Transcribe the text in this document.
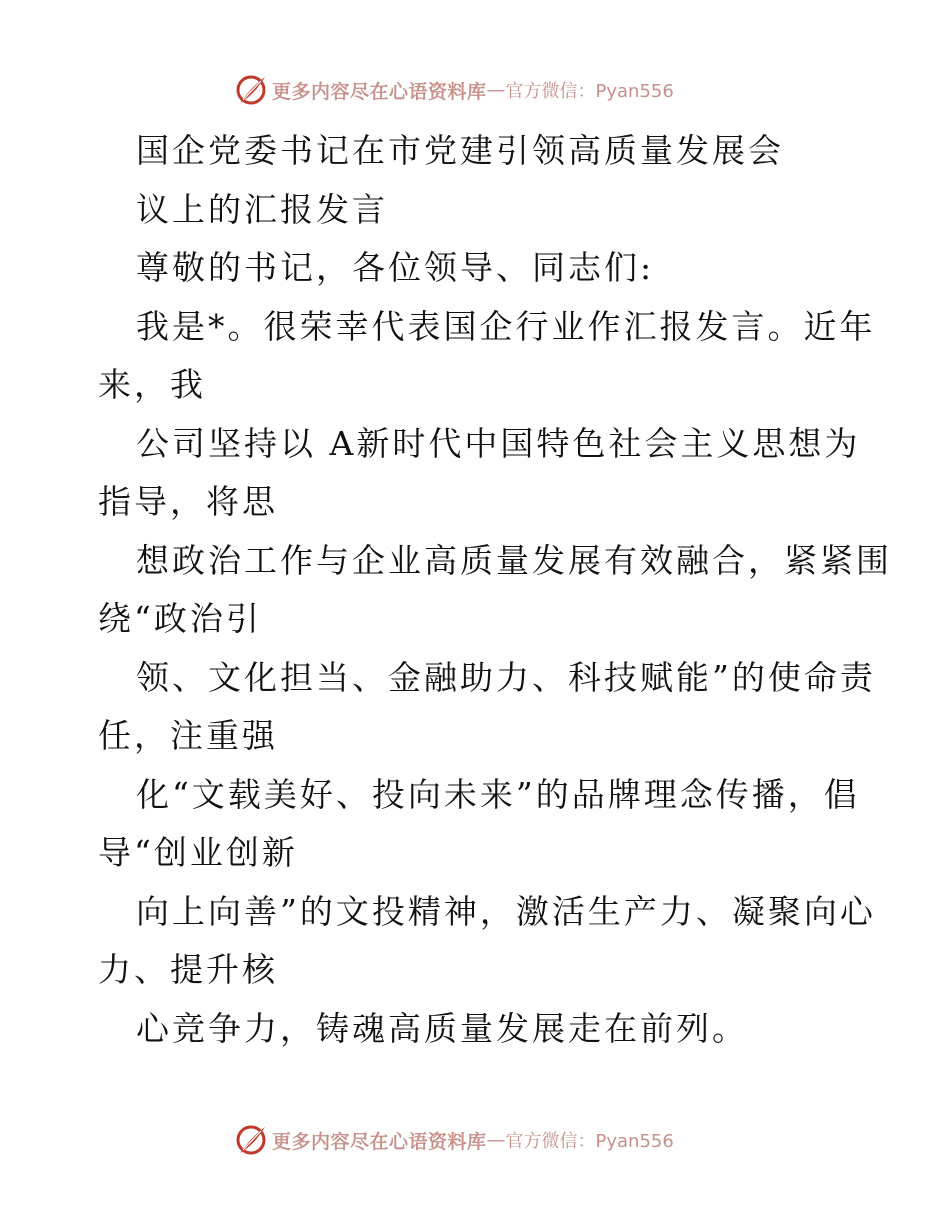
更多内容尽在心语资料库 — 官方微信：Pyan556
国企党委书记在市党建引领高质量发展会
议上的汇报发言
尊敬的书记，各位领导、同志们:
我是*。很荣幸代表国企行业作汇报发言。近年
来，我
公司坚持以 A新时代中国特色社会主义思想为
指导，将思
想政治工作与企业高质量发展有效融合，紧紧围
绕“政治引
领、文化担当、金融助力、科技赋能”的使命责
任，注重强
化“文载美好、投向未来”的品牌理念传播，倡
导“创业创新
向上向善”的文投精神，激活生产力、凝聚向心
力、提升核
心竞争力，铸魂高质量发展走在前列。
更多内容尽在心语资料库 — 官方微信：Pyan556
